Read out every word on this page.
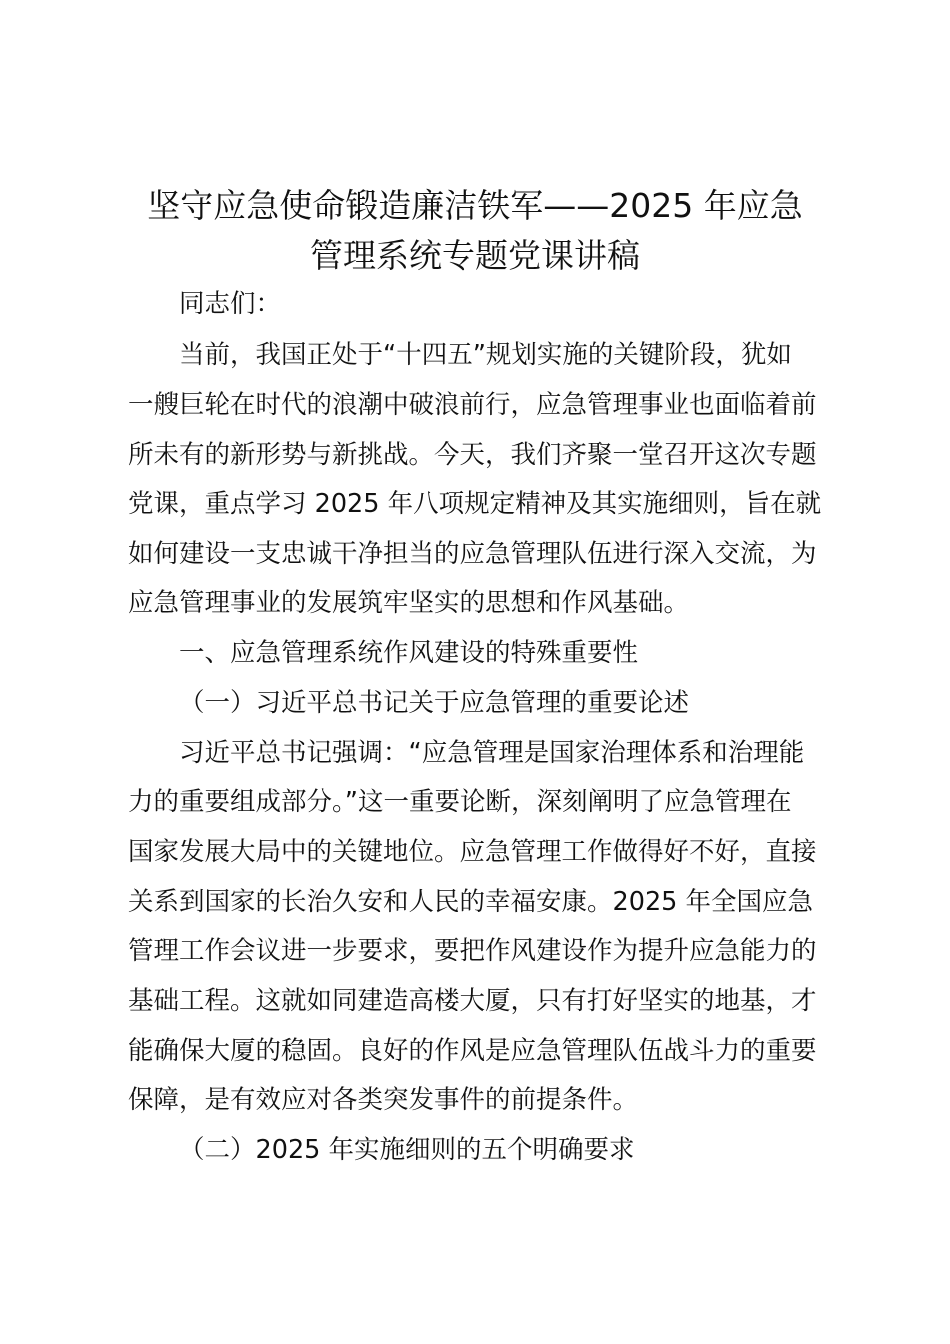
坚守应急使命锻造廉洁铁军——2025 年应急
管理系统专题党课讲稿
同志们：
当前，我国正处于“十四五”规划实施的关键阶段，犹如
一艘巨轮在时代的浪潮中破浪前行，应急管理事业也面临着前
所未有的新形势与新挑战。今天，我们齐聚一堂召开这次专题
党课，重点学习 2025 年八项规定精神及其实施细则，旨在就
如何建设一支忠诚干净担当的应急管理队伍进行深入交流，为
应急管理事业的发展筑牢坚实的思想和作风基础。
一、应急管理系统作风建设的特殊重要性
（一）习近平总书记关于应急管理的重要论述
习近平总书记强调：“应急管理是国家治理体系和治理能
力的重要组成部分。”这一重要论断，深刻阐明了应急管理在
国家发展大局中的关键地位。应急管理工作做得好不好，直接
关系到国家的长治久安和人民的幸福安康。2025 年全国应急
管理工作会议进一步要求，要把作风建设作为提升应急能力的
基础工程。这就如同建造高楼大厦，只有打好坚实的地基，才
能确保大厦的稳固。良好的作风是应急管理队伍战斗力的重要
保障，是有效应对各类突发事件的前提条件。
（二）2025 年实施细则的五个明确要求
